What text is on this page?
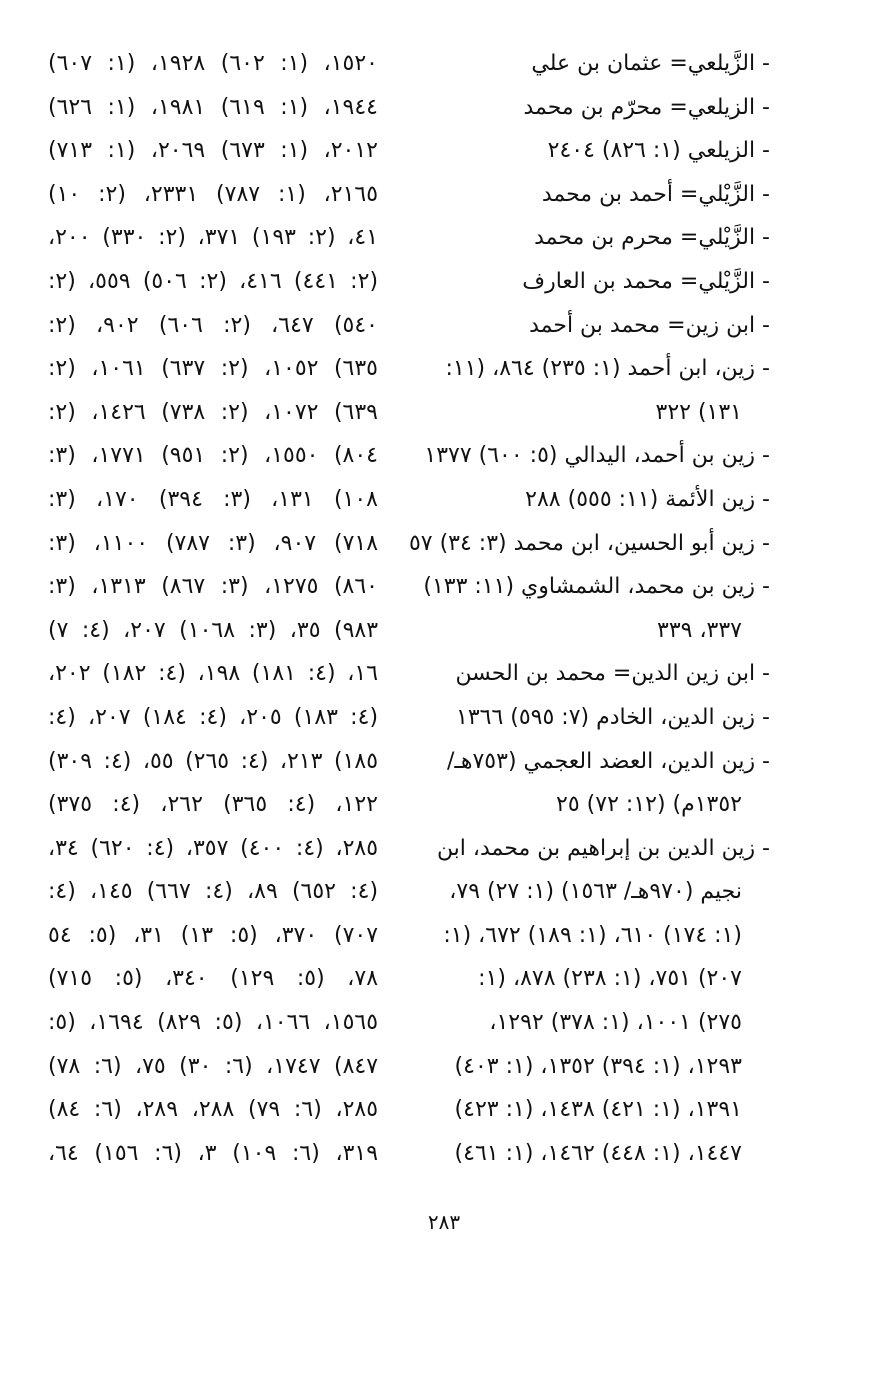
- الزَّيلعي= عثمان بن علي
- الزيلعي= محرّم بن محمد
- الزيلعي (١: ٨٢٦) ٢٤٠٤
- الزَّيْلي= أحمد بن محمد
- الزَّيْلي= محرم بن محمد
- الزَّيْلي= محمد بن العارف
- ابن زين= محمد بن أحمد
- زين، ابن أحمد (١: ٢٣٥) ٨٦٤، (١١:
١٣١) ٣٢٢
- زين بن أحمد، اليدالي (٥: ٦٠٠) ١٣٧٧
- زين الأئمة (١١: ٥٥٥) ٢٨٨
- زين أبو الحسين، ابن محمد (٣: ٣٤) ٥٧
- زين بن محمد، الشمشاوي (١١: ١٣٣)
٣٣٧، ٣٣٩
- ابن زين الدين= محمد بن الحسن
- زين الدين، الخادم (٧: ٥٩٥) ١٣٦٦
- زين الدين، العضد العجمي (٧٥٣هـ/
١٣٥٢م) (١٢: ٧٢) ٢٥
- زين الدين بن إبراهيم بن محمد، ابن
نجيم (٩٧٠هـ/ ١٥٦٣) (١: ٢٧) ٧٩،
(١: ١٧٤) ٦١٠، (١: ١٨٩) ٦٧٢، (١:
٢٠٧) ٧٥١، (١: ٢٣٨) ٨٧٨، (١:
٢٧٥) ١٠٠١، (١: ٣٧٨) ١٢٩٢،
١٢٩٣، (١: ٣٩٤) ١٣٥٢، (١: ٤٠٣)
١٣٩١، (١: ٤٢١) ١٤٣٨، (١: ٤٢٣)
١٤٤٧، (١: ٤٤٨) ١٤٦٢، (١: ٤٦١)
١٥٢٠، (١: ٦٠٢) ١٩٢٨، (١: ٦٠٧)
١٩٤٤، (١: ٦١٩) ١٩٨١، (١: ٦٢٦)
٢٠١٢، (١: ٦٧٣) ٢٠٦٩، (١: ٧١٣)
٢١٦٥، (١: ٧٨٧) ٢٣٣١، (٢: ١٠)
٤١، (٢: ١٩٣) ٣٧١، (٢: ٣٣٠) ٢٠٠،
(٢: ٤٤١) ٤١٦، (٢: ٥٠٦) ٥٥٩، (٢:
٥٤٠) ٦٤٧، (٢: ٦٠٦) ٩٠٢، (٢:
٦٣٥) ١٠٥٢، (٢: ٦٣٧) ١٠٦١، (٢:
٦٣٩) ١٠٧٢، (٢: ٧٣٨) ١٤٢٦، (٢:
٨٠٤) ١٥٥٠، (٢: ٩٥١) ١٧٧١، (٣:
١٠٨) ١٣١، (٣: ٣٩٤) ١٧٠، (٣:
٧١٨) ٩٠٧، (٣: ٧٨٧) ١١٠٠، (٣:
٨٦٠) ١٢٧٥، (٣: ٨٦٧) ١٣١٣، (٣:
٩٨٣) ٣٥، (٣: ١٠٦٨) ٢٠٧، (٤: ٧)
١٦، (٤: ١٨١) ١٩٨، (٤: ١٨٢) ٢٠٢،
(٤: ١٨٣) ٢٠٥، (٤: ١٨٤) ٢٠٧، (٤:
١٨٥) ٢١٣، (٤: ٢٦٥) ٥٥، (٤: ٣٠٩)
١٢٢، (٤: ٣٦٥) ٢٦٢، (٤: ٣٧٥)
٢٨٥، (٤: ٤٠٠) ٣٥٧، (٤: ٦٢٠) ٣٤،
(٤: ٦٥٢) ٨٩، (٤: ٦٦٧) ١٤٥، (٤:
٧٠٧) ٣٧٠، (٥: ١٣) ٣١، (٥: ٥٤
٧٨، (٥: ١٢٩) ٣٤٠، (٥: ٧١٥)
١٥٦٥، ١٠٦٦، (٥: ٨٢٩) ١٦٩٤، (٥:
٨٤٧) ١٧٤٧، (٦: ٣٠) ٧٥، (٦: ٧٨)
٢٨٥، (٦: ٧٩) ٢٨٨، ٢٨٩، (٦: ٨٤)
٣١٩، (٦: ١٠٩) ٣، (٦: ١٥٦) ٦٤،
٢٨٣
